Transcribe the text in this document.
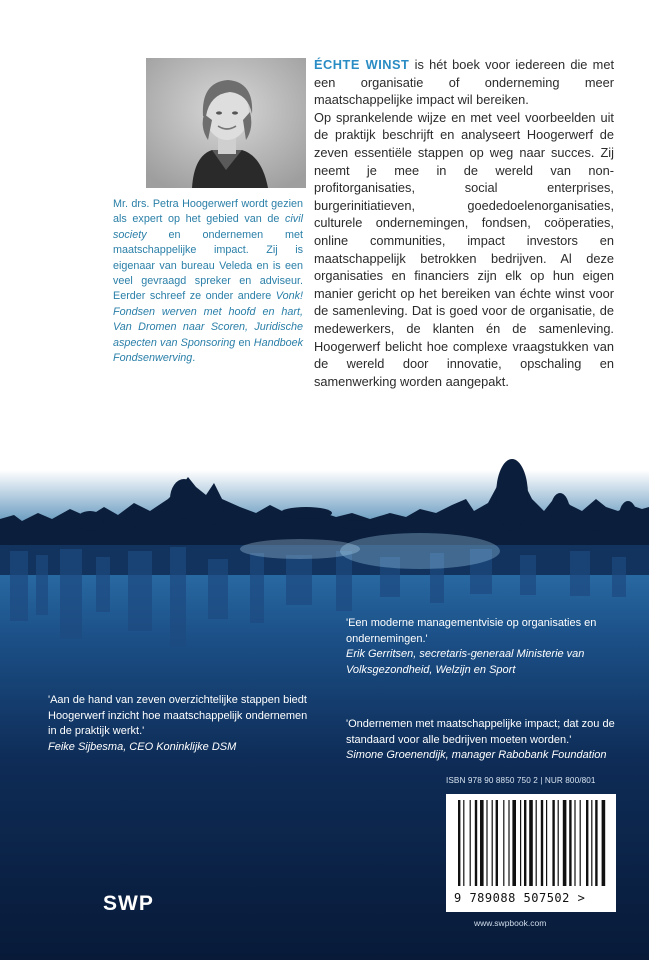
Mr. drs. Petra Hoogerwerf wordt gezien als expert op het gebied van de civil society en ondernemen met maatschappelijke impact. Zij is eigenaar van bureau Veleda en is een veel gevraagd spreker en adviseur. Eerder schreef ze onder andere Vonk! Fondsen werven met hoofd en hart, Van Dromen naar Scoren, Juridische aspecten van Sponsoring en Handboek Fondsenwerving.

ÉCHTE WINST is hét boek voor iedereen die met een organisatie of onderneming meer maatschappelijke impact wil bereiken.

Op sprankelende wijze en met veel voorbeelden uit de praktijk beschrijft en analyseert Hoogerwerf de zeven essentiële stappen op weg naar succes. Zij neemt je mee in de wereld van non-profitorganisaties, social enterprises, burgerinitiatieven, goededoelenorganisaties, culturele ondernemingen, fondsen, coöperaties, online communities, impact investors en maatschappelijk betrokken bedrijven. Al deze organisaties en financiers zijn elk op hun eigen manier gericht op het bereiken van échte winst voor de samenleving. Dat is goed voor de organisatie, de medewerkers, de klanten én de samenleving. Hoogerwerf belicht hoe complexe vraagstukken van de wereld door innovatie, opschaling en samenwerking worden aangepakt.

'Een moderne managementvisie op organisaties en ondernemingen.'
Erik Gerritsen, secretaris-generaal Ministerie van Volksgezondheid, Welzijn en Sport
'Aan de hand van zeven overzichtelijke stappen biedt Hoogerwerf inzicht hoe maatschappelijk ondernemen in de praktijk werkt.'
Feike Sijbesma, CEO Koninklijke DSM
'Ondernemen met maatschappelijke impact; dat zou de standaard voor alle bedrijven moeten worden.'
Simone Groenendijk, manager Rabobank Foundation
ISBN 978 90 8850 750 2 | NUR 800/801
9 789088 507502 >
www.swpbook.com
SWP
